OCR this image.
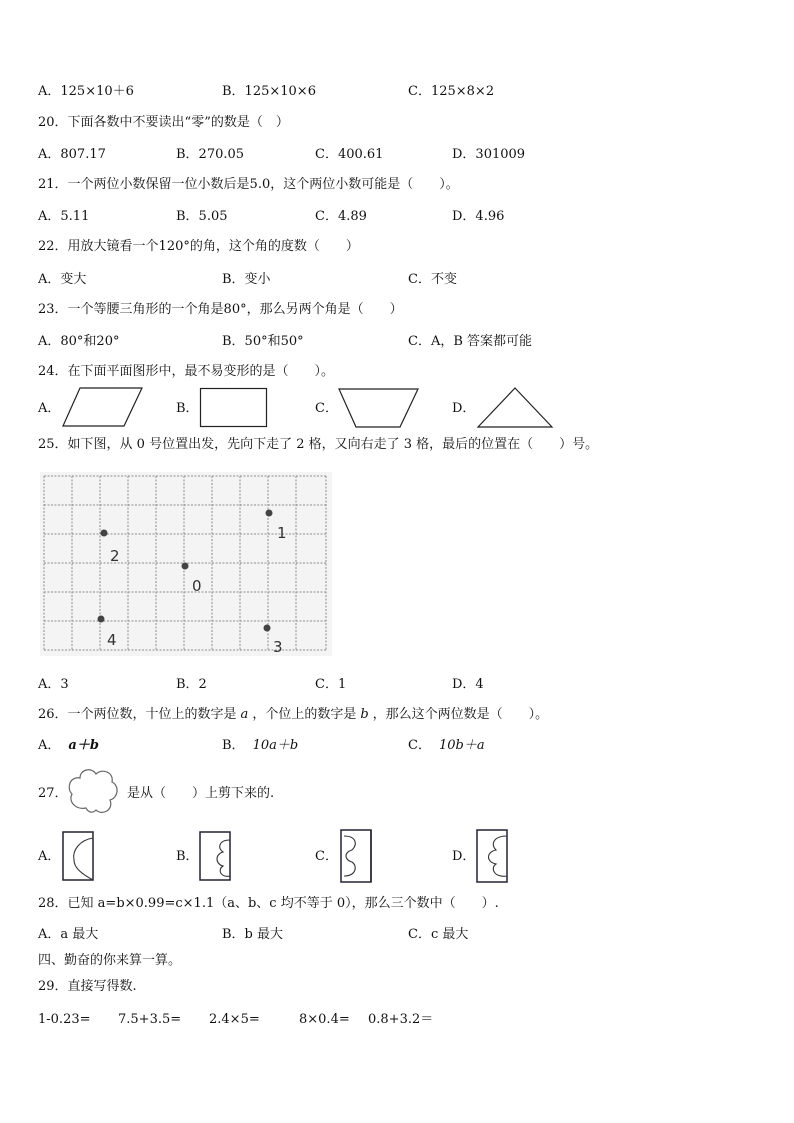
A．125×10＋6	B．125×10×6	C．125×8×2
20．下面各数中不要读出“零”的数是（　）
A．807.17	B．270.05	C．400.61	D．301009
21．一个两位小数保留一位小数后是5.0，这个两位小数可能是（　　）。
A．5.11	B．5.05	C．4.89	D．4.96
22．用放大镜看一个120°的角，这个角的度数（　　）
A．变大	B．变小	C．不变
23．一个等腰三角形的一个角是80°，那么另两个角是（　　）
A．80°和20°	B．50°和50°	C．A，B 答案都可能
24．在下面平面图形中，最不易变形的是（　　）。
A．	B．	C．	D．
25．如下图，从 0 号位置出发，先向下走了 2 格，又向右走了 3 格，最后的位置在（　　）号。
1
2
0
4	3
A．3	B．2	C．1	D．4
26．一个两位数，十位上的数字是 a ，个位上的数字是 b ，那么这个两位数是（　　）。
A． a＋b	B． 10a＋b	C． 10b＋a
27．	是从（　　）上剪下来的.
A．	B．	C．	D．
28．已知 a=b×0.99=c×1.1（a、b、c 均不等于 0），那么三个数中（　　）.
A．a 最大	B．b 最大	C．c 最大
四、勤奋的你来算一算。
29．直接写得数.
1-0.23= 7.5+3.5= 2.4×5=	8×0.4= 0.8+3.2＝
